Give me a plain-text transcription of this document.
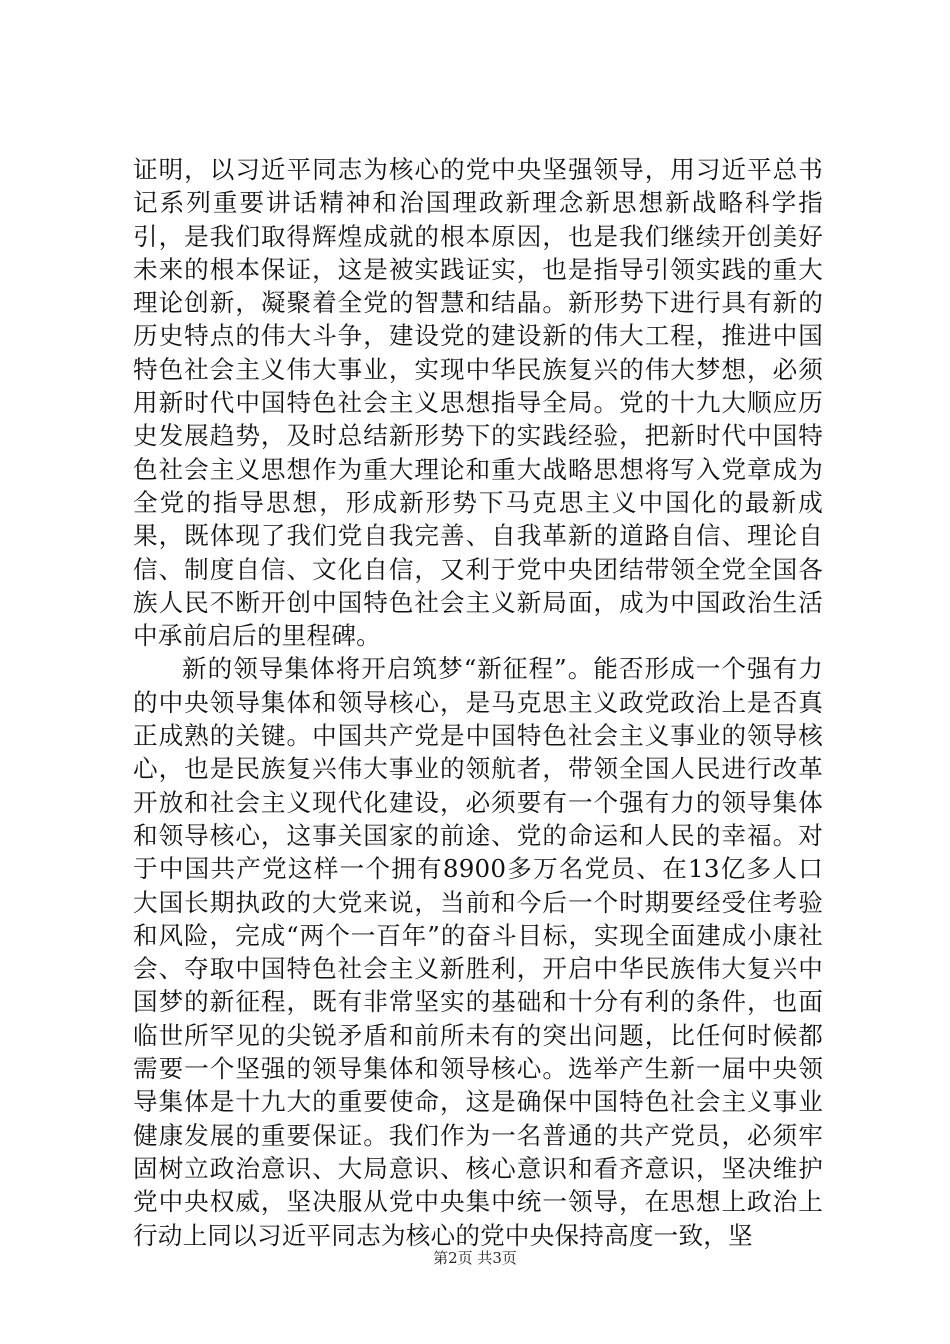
证明，以习近平同志为核心的党中央坚强领导，用习近平总书记系列重要讲话精神和治国理政新理念新思想新战略科学指引，是我们取得辉煌成就的根本原因，也是我们继续开创美好未来的根本保证，这是被实践证实，也是指导引领实践的重大理论创新，凝聚着全党的智慧和结晶。新形势下进行具有新的历史特点的伟大斗争，建设党的建设新的伟大工程，推进中国特色社会主义伟大事业，实现中华民族复兴的伟大梦想，必须用新时代中国特色社会主义思想指导全局。党的十九大顺应历史发展趋势，及时总结新形势下的实践经验，把新时代中国特色社会主义思想作为重大理论和重大战略思想将写入党章成为全党的指导思想，形成新形势下马克思主义中国化的最新成果，既体现了我们党自我完善、自我革新的道路自信、理论自信、制度自信、文化自信，又利于党中央团结带领全党全国各族人民不断开创中国特色社会主义新局面，成为中国政治生活中承前启后的里程碑。

新的领导集体将开启筑梦“新征程”。能否形成一个强有力的中央领导集体和领导核心，是马克思主义政党政治上是否真正成熟的关键。中国共产党是中国特色社会主义事业的领导核心，也是民族复兴伟大事业的领航者，带领全国人民进行改革开放和社会主义现代化建设，必须要有一个强有力的领导集体和领导核心，这事关国家的前途、党的命运和人民的幸福。对于中国共产党这样一个拥有8900多万名党员、在13亿多人口大国长期执政的大党来说，当前和今后一个时期要经受住考验和风险，完成“两个一百年”的奋斗目标，实现全面建成小康社会、夺取中国特色社会主义新胜利，开启中华民族伟大复兴中国梦的新征程，既有非常坚实的基础和十分有利的条件，也面临世所罕见的尖锐矛盾和前所未有的突出问题，比任何时候都需要一个坚强的领导集体和领导核心。选举产生新一届中央领导集体是十九大的重要使命，这是确保中国特色社会主义事业健康发展的重要保证。我们作为一名普通的共产党员，必须牢固树立政治意识、大局意识、核心意识和看齐意识，坚决维护党中央权威，坚决服从党中央集中统一领导，在思想上政治上行动上同以习近平同志为核心的党中央保持高度一致，坚

第2页 共3页
